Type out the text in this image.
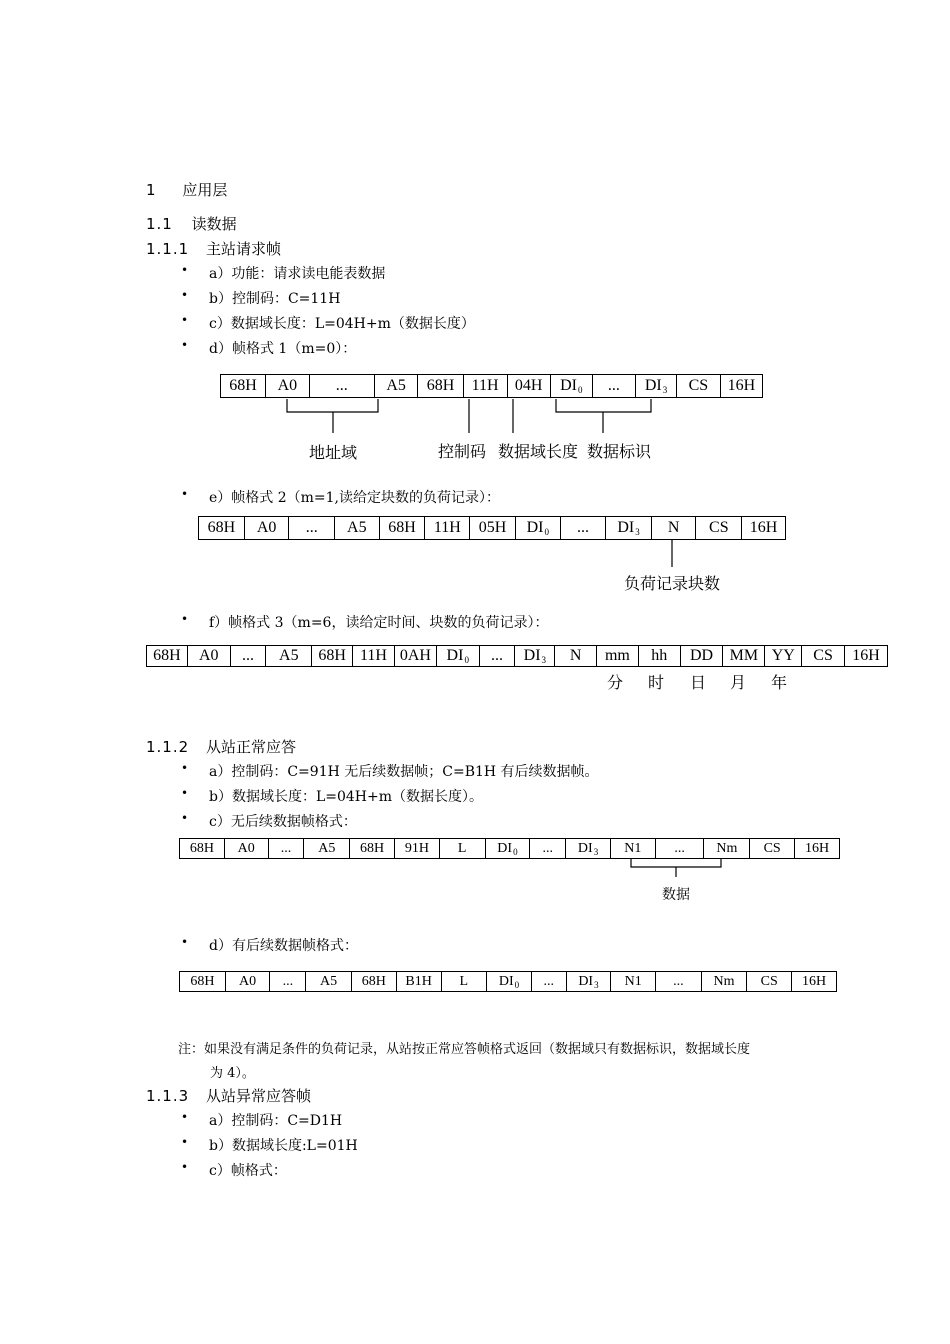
1 应用层
1.1 读数据
1.1.1 主站请求帧
• a）功能：请求读电能表数据
• b）控制码：C=11H
• c）数据域长度：L=04H+m（数据长度）
• d）帧格式 1（m=0）：
68H	A0	...	A5	68H	11H	04H	$DI_0$	...	$DI_3$	CS	16H
地址域	控制码 数据域长度 数据标识
• e）帧格式 2（m=1,读给定块数的负荷记录）：
68H	A0	...	A5	68H	11H	05H	$DI_0$	...	$DI_3$	N	CS	16H
负荷记录块数
• f）帧格式 3（m=6，读给定时间、块数的负荷记录）：
68H	A0	...	A5	68H	11H	0AH	$DI_0$	...	$DI_3$	N	mm	hh	DD	MM	YY	CS	16H
分 时 日 月 年
1.1.2 从站正常应答
• a）控制码：C=91H 无后续数据帧；C=B1H 有后续数据帧。
• b）数据域长度：L=04H+m（数据长度）。
• c）无后续数据帧格式：
68H	A0	...	A5	68H	91H	L	$DI_0$	...	$DI_3$	N1	...	Nm	CS	16H
数据
• d）有后续数据帧格式：
68H	A0	...	A5	68H	B1H	L	$DI_0$	...	$DI_3$	N1	...	Nm	CS	16H
注：如果没有满足条件的负荷记录，从站按正常应答帧格式返回（数据域只有数据标识，数据域长度
为 4）。
1.1.3 从站异常应答帧
• a）控制码：C=D1H
• b）数据域长度:L=01H
• c）帧格式：
